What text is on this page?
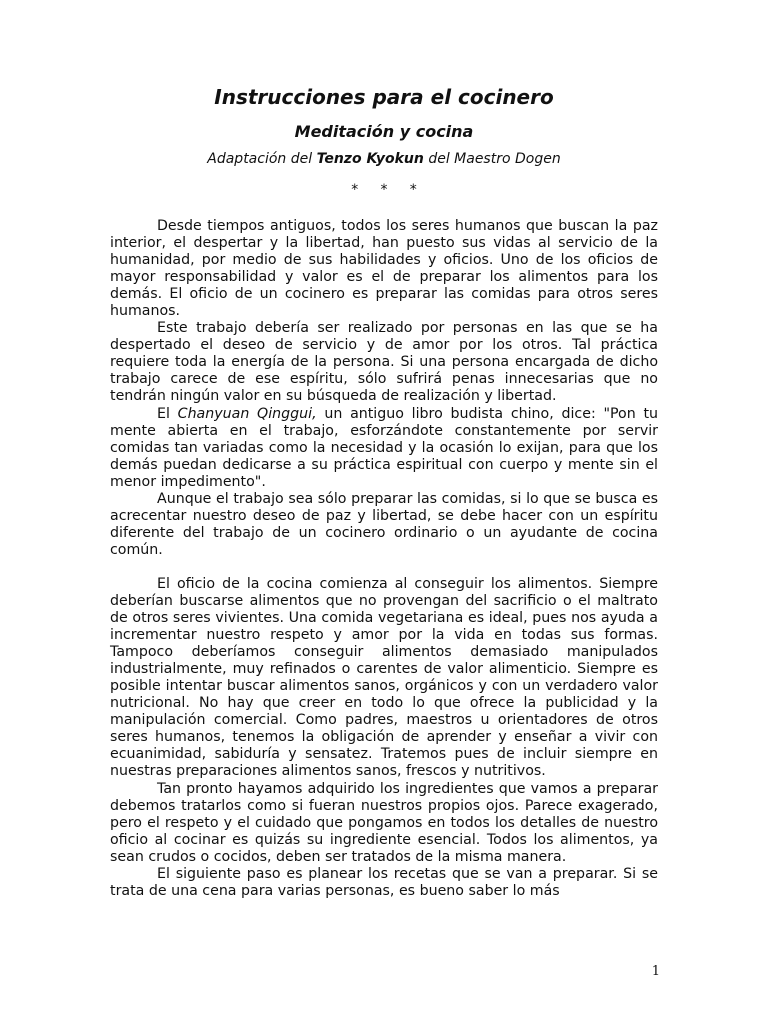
Instrucciones para el cocinero
Meditación y cocina
Adaptación del Tenzo Kyokun del Maestro Dogen
*     *     *

Desde tiempos antiguos, todos los seres humanos que buscan la paz interior, el despertar y la libertad, han puesto sus vidas al servicio de la humanidad, por medio de sus habilidades y oficios. Uno de los oficios de mayor responsabilidad y valor es el de preparar los alimentos para los demás. El oficio de un cocinero es preparar las comidas para otros seres humanos.

Este trabajo debería ser realizado por personas en las que se ha despertado el deseo de servicio y de amor por los otros. Tal práctica requiere toda la energía de la persona. Si una persona encargada de dicho trabajo carece de ese espíritu, sólo sufrirá penas innecesarias que no tendrán ningún valor en su búsqueda de realización y libertad.

El Chanyuan Qinggui, un antiguo libro budista chino, dice: "Pon tu mente abierta en el trabajo, esforzándote constantemente por servir comidas tan variadas como la necesidad y la ocasión lo exijan, para que los demás puedan dedicarse a su práctica espiritual con cuerpo y mente sin el menor impedimento".

Aunque el trabajo sea sólo preparar las comidas, si lo que se busca es acrecentar nuestro deseo de paz y libertad, se debe hacer con un espíritu diferente del trabajo de un cocinero ordinario o un ayudante de cocina común.

El oficio de la cocina comienza al conseguir los alimentos. Siempre deberían buscarse alimentos que no provengan del sacrificio o el maltrato de otros seres vivientes. Una comida vegetariana es ideal, pues nos ayuda a incrementar nuestro respeto y amor por la vida en todas sus formas. Tampoco deberíamos conseguir alimentos demasiado manipulados industrialmente, muy refinados o carentes de valor alimenticio. Siempre es posible intentar buscar alimentos sanos, orgánicos y con un verdadero valor nutricional. No hay que creer en todo lo que ofrece la publicidad y la manipulación comercial. Como padres, maestros u orientadores de otros seres humanos, tenemos la obligación de aprender y enseñar a vivir con ecuanimidad, sabiduría y sensatez. Tratemos pues de incluir siempre en nuestras preparaciones alimentos sanos, frescos y nutritivos.

Tan pronto hayamos adquirido los ingredientes que vamos a preparar debemos tratarlos como si fueran nuestros propios ojos. Parece exagerado, pero el respeto y el cuidado que pongamos en todos los detalles de nuestro oficio al cocinar es quizás su ingrediente esencial. Todos los alimentos, ya sean crudos o cocidos, deben ser tratados de la misma manera.

El siguiente paso es planear los recetas que se van a preparar. Si se trata de una cena para varias personas, es bueno saber lo más

1
